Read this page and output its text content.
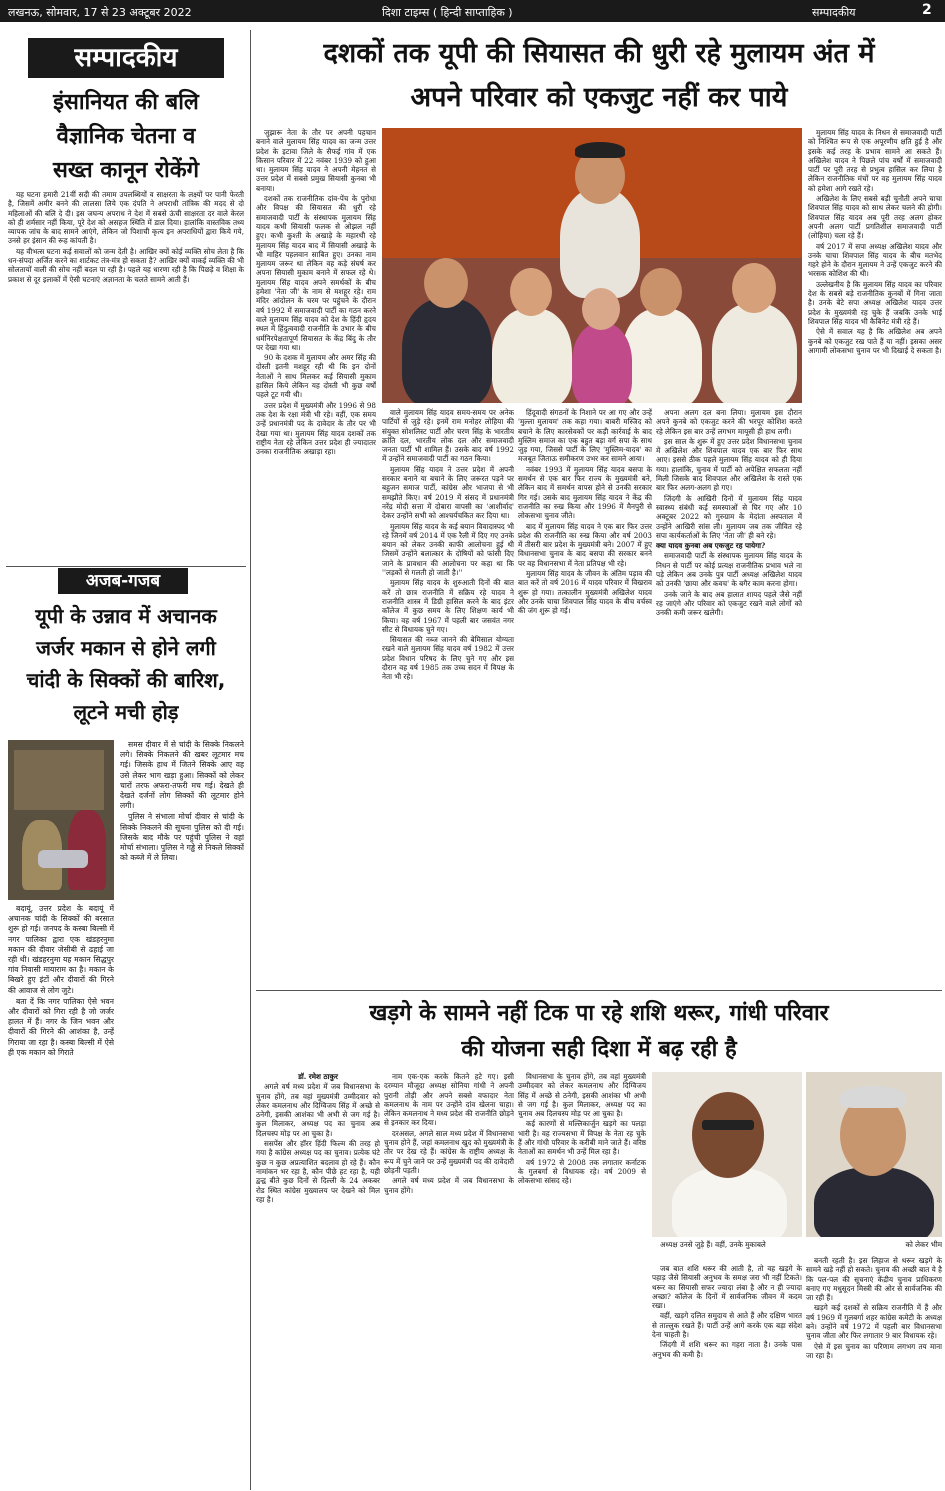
लखनऊ, सोमवार, 17 से 23 अक्टूबर 2022	दिशा टाइम्स ( हिन्दी साप्ताहिक )	सम्पादकीय	2
सम्पादकीय
इंसानियत की बलि
वैज्ञानिक चेतना व
सख्त कानून रोकेंगे

यह घटना हमारी 21वीं सदी की तमाम उपलब्धियों व साक्षरता के लक्ष्यों पर पानी फेरती है, जिसमें अमीर बनने की लालसा लिये एक दंपति ने अपराधी तांत्रिक की मदद से दो महिलाओं की बलि दे दी। इस जघन्य अपराध ने देश में सबसे ऊंची साक्षरता दर वाले केरल को ही शर्मसार नहीं किया, पूरे देश को असहज स्थिति में डाल दिया। हालांकि वास्तविक तथ्य व्यापक जांच के बाद सामने आएंगे, लेकिन जो पिशाची कृत्य इन अपराधियों द्वारा किये गये, उनसे हर इंसान की रूह कांपती है।

यह वीभत्स घटना कई सवालों को जन्म देती है। आखिर क्यों कोई व्यक्ति सोच लेता है कि धन-संपदा अर्जित करने का शार्टकट तंत्र-मंत्र हो सकता है? आखिर क्यों वाकई व्यक्ति की भी सोलतायों वाली की सोच नहीं बदल पा रही है। पहले यह धारणा रही है कि पिछड़े व शिक्षा के प्रकाश से दूर इलाकों में ऐसी घटनाएं अज्ञानता के चलते सामने आती हैं।

अजब-गजब
यूपी के उन्नाव में अचानक
जर्जर मकान से होने लगी
चांदी के सिक्कों की बारिश,
लूटने मची होड़

समस दीवार में से चांदी के सिक्के निकलने लगे। सिक्के निकलने की खबर लूटमार मच गई। जिसके हाथ में जितने सिक्के आए वह उसे लेकर भाग खड़ा हुआ। सिक्कों को लेकर चारों तरफ अफरा-तफरी मच गई। देखते ही देखते दर्जनों लोग सिक्कों की लूटमार होने लगी।

पुलिस ने संभाला मोर्चा दीवार से चांदी के सिक्के निकलने की सूचना पुलिस को दी गई। जिसके बाद मौके पर पहुंची पुलिस ने वहां मोर्चा संभाला। पुलिस ने गड्ढे से निकले सिक्कों को कब्जे में ले लिया।

बदायूं, उत्तर प्रदेश के बदायूं में अचानक चांदी के सिक्कों की बरसात शुरू हो गई। जनपद के कस्बा बिल्सी में नगर पालिका द्वारा एक खंडहरनुमा मकान की दीवार जेसीबी से ढहाई जा रही थी। खंडहरनुमा यह मकान सिद्धपुर गांव निवासी मायाराम का है। मकान के बिखरे हुए इंटों और दीवारों की गिरने की आवाज से लोग जुटे।

बता दें कि नगर पालिका ऐसे भवन और दीवारों को गिरा रही है जो जर्जर हालत में हैं। नगर के जिन भवन और दीवारों की गिरने की आशंका है, उन्हें गिराया जा रहा है। कस्बा बिल्सी में ऐसे ही एक मकान को गिराते

दशकों तक यूपी की सियासत की धुरी रहे मुलायम अंत में
अपने परिवार को एकजुट नहीं कर पाये

जुझारू नेता के तौर पर अपनी पहचान बनाने वाले मुलायम सिंह यादव का जन्म उत्तर प्रदेश के इटावा जिले के सैफई गांव में एक किसान परिवार में 22 नवंबर 1939 को हुआ था। मुलायम सिंह यादव ने अपनी मेहनत से उत्तर प्रदेश में सबसे प्रमुख सियासी कुनबा भी बनाया।

दशकों तक राजनीतिक दांव-पेंच के पुरोधा और विपक्ष की सियासत की धुरी रहे समाजवादी पार्टी के संस्थापक मुलायम सिंह यादव कभी सियासी फलक से ओझल नहीं हुए। कभी कुश्ती के अखाड़े के महारथी रहे मुलायम सिंह यादव बाद में सियासी अखाड़े के भी माहिर पहलवान साबित हुए। उनका नाम मुलायम जरूर था लेकिन वह कड़े संघर्ष कर अपना सियासी मुकाम बनाने में सफल रहे थे। मुलायम सिंह यादव अपने समर्थकों के बीच हमेशा 'नेता जी' के नाम से मशहूर रहे। राम मंदिर आंदोलन के चरम पर पहुंचने के दौरान वर्ष 1992 में समाजवादी पार्टी का गठन करने वाले मुलायम सिंह यादव को देश के हिंदी हृदय स्थल में हिंदुत्ववादी राजनीति के उभार के बीच धर्मनिरपेक्षतापूर्ण सियासत के केंद्र बिंदु के तौर पर देखा गया था।

90 के दशक में मुलायम और अमर सिंह की दोस्ती इतनी मशहूर रही थी कि इन दोनों नेताओं ने साथ मिलकर कई सियासी मुकाम हासिल किये लेकिन यह दोस्ती भी कुछ वर्षों पहले टूट गयी थी।

उत्तर प्रदेश में मुख्यमंत्री और 1996 से 98 तक देश के रक्षा मंत्री भी रहे। वहीं, एक समय उन्हें प्रधानमंत्री पद के दावेदार के तौर पर भी देखा गया था। मुलायम सिंह यादव दशकों तक राष्ट्रीय नेता रहे लेकिन उत्तर प्रदेश ही ज्यादातर उनका राजनीतिक अखाड़ा रहा।

वाले मुलायम सिंह यादव समय-समय पर अनेक पार्टियों से जुड़े रहे। इनमें राम मनोहर लोहिया की संयुक्त सोशलिस्ट पार्टी और चरण सिंह के भारतीय क्रांति दल, भारतीय लोक दल और समाजवादी जनता पार्टी भी शामिल हैं। उसके बाद वर्ष 1992 में उन्होंने समाजवादी पार्टी का गठन किया।

मुलायम सिंह यादव ने उत्तर प्रदेश में अपनी सरकार बनाने या बचाने के लिए जरूरत पड़ने पर बहुजन समाज पार्टी, कांग्रेस और भाजपा से भी समझौते किए। वर्ष 2019 में संसद में प्रधानमंत्री नरेंद्र मोदी सत्ता में दोबारा वापसी का 'आशीर्वाद' देकर उन्होंने सभी को आश्चर्यचकित कर दिया था।

मुलायम सिंह यादव के कई बयान विवादास्पद भी रहे जिनमें वर्ष 2014 में एक रैली में दिए गए उनके बयान को लेकर उनकी काफी आलोचना हुई थी जिसमें उन्होंने बलात्कार के दोषियों को फांसी दिए जाने के प्रावधान की आलोचना पर कहा था कि ''लड़कों से गलती हो जाती है।''

मुलायम सिंह यादव के शुरुआती दिनों की बात करें तो छात्र राजनीति में सक्रिय रहे यादव ने राजनीति शास्त्र में डिग्री हासिल करने के बाद इंटर कॉलेज में कुछ समय के लिए शिक्षण कार्य भी किया। वह वर्ष 1967 में पहली बार जसवंत नगर सीट से विधायक चुने गए।

सियासत की नब्ज जानने की बेमिसाल योग्यता रखने वाले मुलायम सिंह यादव वर्ष 1982 में उत्तर प्रदेश विधान परिषद के लिए चुने गए और इस दौरान वह वर्ष 1985 तक उच्च सदन में विपक्ष के नेता भी रहे।

हिंदूवादी संगठनों के निशाने पर आ गए और उन्हें 'मुल्ला मुलायम' तक कहा गया। बाबरी मस्जिद को बचाने के लिए कारसेवकों पर कड़ी कार्रवाई के बाद मुस्लिम समाज का एक बहुत बड़ा वर्ग सपा के साथ जुड़ गया, जिससे पार्टी के लिए 'मुस्लिम-यादव' का मजबूत जिताऊ समीकरण उभर कर सामने आया।

नवंबर 1993 में मुलायम सिंह यादव बसपा के समर्थन से एक बार फिर राज्य के मुख्यमंत्री बने, लेकिन बाद में समर्थन वापस होने से उनकी सरकार गिर गई। उसके बाद मुलायम सिंह यादव ने केंद्र की राजनीति का रुख किया और 1996 में मैनपुरी से लोकसभा चुनाव जीते।

बाद में मुलायम सिंह यादव ने एक बार फिर उत्तर प्रदेश की राजनीति का रुख किया और वर्ष 2003 में तीसरी बार प्रदेश के मुख्यमंत्री बने। 2007 में हुए विधानसभा चुनाव के बाद बसपा की सरकार बनने पर वह विधानसभा में नेता प्रतिपक्ष भी रहे।

मुलायम सिंह यादव के जीवन के अंतिम पड़ाव की बात करें तो वर्ष 2016 में यादव परिवार में विखराव शुरू हो गया। तत्कालीन मुख्यमंत्री अखिलेश यादव और उनके चाचा शिवपाल सिंह यादव के बीच वर्चस्व की जंग शुरू हो गई।

अपना अलग दल बना लिया। मुलायम इस दौरान अपने कुनबे को एकजुट करने की भरपूर कोशिश करते रहे लेकिन इस बार उन्हें लगभग मायूसी ही हाथ लगी।

इस साल के शुरू में हुए उत्तर प्रदेश विधानसभा चुनाव में अखिलेश और शिवपाल यादव एक बार फिर साथ आए। इससे ठीक पहले मुलायम सिंह यादव को ही दिया गया। हालांकि, चुनाव में पार्टी को अपेक्षित सफलता नहीं मिली जिसके बाद शिवपाल और अखिलेश के रास्ते एक बार फिर अलग-अलग हो गए।

जिंदगी के आखिरी दिनों में मुलायम सिंह यादव स्वास्थ्य संबंधी कई समस्याओं से घिर गए और 10 अक्टूबर 2022 को गुरुग्राम के मेदांता अस्पताल में उन्होंने आखिरी सांस ली। मुलायम जब तक जीवित रहे सपा कार्यकर्ताओं के लिए 'नेता जी' ही बने रहे।

क्या यादव कुनबा अब एकजुट रह पायेगा?

समाजवादी पार्टी के संस्थापक मुलायम सिंह यादव के निधन से पार्टी पर कोई प्रत्यक्ष राजनीतिक प्रभाव भले ना पड़े लेकिन अब उनके पुत्र पार्टी अध्यक्ष अखिलेश यादव को उनकी 'छाया और कवच' के बगैर काम करना होगा।

उनके जाने के बाद अब हालात शायद पहले जैसे नहीं रह जाएंगे और परिवार को एकजुट रखने वाले लोगों को उनकी कमी जरूर खलेगी।

मुलायम सिंह यादव के निधन से समाजवादी पार्टी को निश्चित रूप से एक अपूरणीय क्षति हुई है और इसके कई तरह के प्रभाव सामने आ सकते हैं। अखिलेश यादव ने पिछले पांच वर्षों में समाजवादी पार्टी पर पूरी तरह से प्रभुत्व हासिल कर लिया है लेकिन राजनीतिक मंचों पर वह मुलायम सिंह यादव को हमेशा आगे रखते रहे।

अखिलेश के लिए सबसे बड़ी चुनौती अपने चाचा शिवपाल सिंह यादव को साथ लेकर चलने की होगी। शिवपाल सिंह यादव अब पूरी तरह अलग होकर अपनी अलग पार्टी प्रगतिशील समाजवादी पार्टी (लोहिया) चला रहे हैं।

वर्ष 2017 में सपा अध्यक्ष अखिलेश यादव और उनके चाचा शिवपाल सिंह यादव के बीच मतभेद गहरे होने के दौरान मुलायम ने उन्हें एकजुट करने की भरसक कोशिश की थी।

उल्लेखनीय है कि मुलायम सिंह यादव का परिवार देश के सबसे बड़े राजनीतिक कुनबों में गिना जाता है। उनके बेटे सपा अध्यक्ष अखिलेश यादव उत्तर प्रदेश के मुख्यमंत्री रह चुके हैं जबकि उनके भाई शिवपाल सिंह यादव भी कैबिनेट मंत्री रहे हैं।

ऐसे में सवाल यह है कि अखिलेश अब अपने कुनबे को एकजुट रख पाते हैं या नहीं। इसका असर आगामी लोकसभा चुनाव पर भी दिखाई दे सकता है।

खड़गे के सामने नहीं टिक पा रहे शशि थरूर, गांधी परिवार
की योजना सही दिशा में बढ़ रही है

डॉ. रमेश ठाकुर

अगले वर्ष मध्य प्रदेश में जब विधानसभा के चुनाव होंगे, तब वहां मुख्यमंत्री उम्मीदवार को लेकर कमलनाथ और दिग्विजय सिंह में अच्छे से ठनेगी, इसकी आशंका भी अभी से जग गई है। कुल मिलाकर, अध्यक्ष पद का चुनाव अब दिलचस्प मोड़ पर आ चुका है।

ससपेंस और हॉरर हिंदी फिल्म की तरह हो गया है कांग्रेस अध्यक्ष पद का चुनाव। प्रत्येक घंटे कुछ न कुछ अप्रत्याशित बदलाव हो रहे हैं। कौन नामांकन भर रहा है, कौन पीछे हट रहा है, यही द्वन्द्व बीते कुछ दिनों से दिल्ली के 24 अकबर रोड स्थित कांग्रेस मुख्यालय पर देखने को मिल रहा है।

नाम एक-एक करके कितने हटे गए। इसी दरम्यान मौजूदा अध्यक्ष सोनिया गांधी ने अपनी पुरानी तोड़ी और अपने सबसे वफादार नेता कमलनाथ के नाम पर उन्होंने दांव खेलना चाहा। लेकिन कमलनाथ ने मध्य प्रदेश की राजनीति छोड़ने से इनकार कर दिया।

दरअसल, अगले साल मध्य प्रदेश में विधानसभा चुनाव होने हैं, जहां कमलनाथ खुद को मुख्यमंत्री के तौर पर देख रहे हैं। कांग्रेस के राष्ट्रीय अध्यक्ष के रूप में चुने जाने पर उन्हें मुख्यमंत्री पद की दावेदारी छोड़नी पड़ती।

अगले वर्ष मध्य प्रदेश में जब विधानसभा के चुनाव होंगे।

विधानसभा के चुनाव होंगे, तब वहां मुख्यमंत्री उम्मीदवार को लेकर कमलनाथ और दिग्विजय सिंह में अच्छे से ठनेगी, इसकी आशंका भी अभी से जग गई है। कुल मिलाकर, अध्यक्ष पद का चुनाव अब दिलचस्प मोड़ पर आ चुका है।

कई कारणों से मल्लिकार्जुन खड़गे का पलड़ा भारी है। वह राज्यसभा में विपक्ष के नेता रह चुके हैं और गांधी परिवार के करीबी माने जाते हैं। वरिष्ठ नेताओं का समर्थन भी उन्हें मिल रहा है।

वर्ष 1972 से 2008 तक लगातार कर्नाटक के गुलबर्गा से विधायक रहे। वर्ष 2009 से लोकसभा सांसद रहे।

अध्यक्ष उनसे जुड़े हैं। वहीं, उनके मुकाबले

जब बात शशि थरूर की आती है, तो वह खड़गे के पहाड़ जैसे सियासी अनुभव के समक्ष जरा भी नहीं टिकते। थरूर का सियासी सफर ज्यादा लंबा है और न ही ज्यादा अच्छा? कॉलेज के दिनों में सार्वजनिक जीवन में कदम रखा।

वहीं, खड़गे दलित समुदाय से आते हैं और दक्षिण भारत से ताल्लुक रखते हैं। पार्टी उन्हें आगे करके एक बड़ा संदेश देना चाहती है।

जिंदगी में शशि थरूर का गहरा नाता है। उनके पास अनुभव की कमी है।

को लेकर भीम

बनती रहती है। इस लिहाज से थरूर खड़गे के सामने खड़े नहीं हो सकते। चुनाव की अच्छी बात ये है कि पल-पल की सूचनाएं केंद्रीय चुनाव प्राधिकरण बनाए गए मधुसूदन मिस्त्री की ओर से सार्वजनिक की जा रही हैं।

खड़गे कई दशकों से सक्रिय राजनीति में हैं और वर्ष 1969 में गुलबर्गा शहर कांग्रेस कमेटी के अध्यक्ष बने। उन्होंने वर्ष 1972 में पहली बार विधानसभा चुनाव जीता और फिर लगातार 9 बार विधायक रहे।

ऐसे में इस चुनाव का परिणाम लगभग तय माना जा रहा है।
